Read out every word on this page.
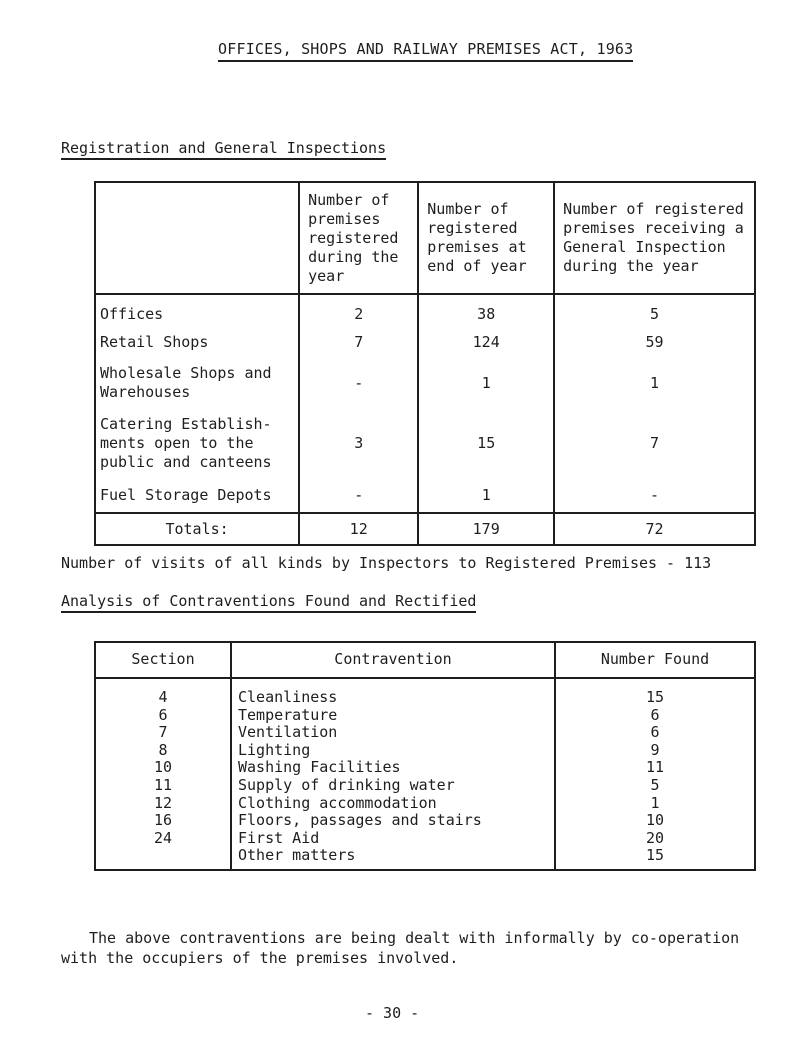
OFFICES, SHOPS AND RAILWAY PREMISES ACT, 1963
Registration and General Inspections
	Number of premises registered during the year	Number of registered premises at end of year	Number of registered premises receiving a General Inspection during the year
Offices	2	38	5
Retail Shops	7	124	59
Wholesale Shops and Warehouses	-	1	1
Catering Establish-ments open to the public and canteens	3	15	7
Fuel Storage Depots	-	1	-
Totals:	12	179	72
Number of visits of all kinds by Inspectors to Registered Premises - 113
Analysis of Contraventions Found and Rectified
Section	Contravention	Number Found
4	Cleanliness	15
6	Temperature	6
7	Ventilation	6
8	Lighting	9
10	Washing Facilities	11
11	Supply of drinking water	5
12	Clothing accommodation	1
16	Floors, passages and stairs	10
24	First Aid	20
	Other matters	15
The above contraventions are being dealt with informally by co-operation with the occupiers of the premises involved.
- 30 -
